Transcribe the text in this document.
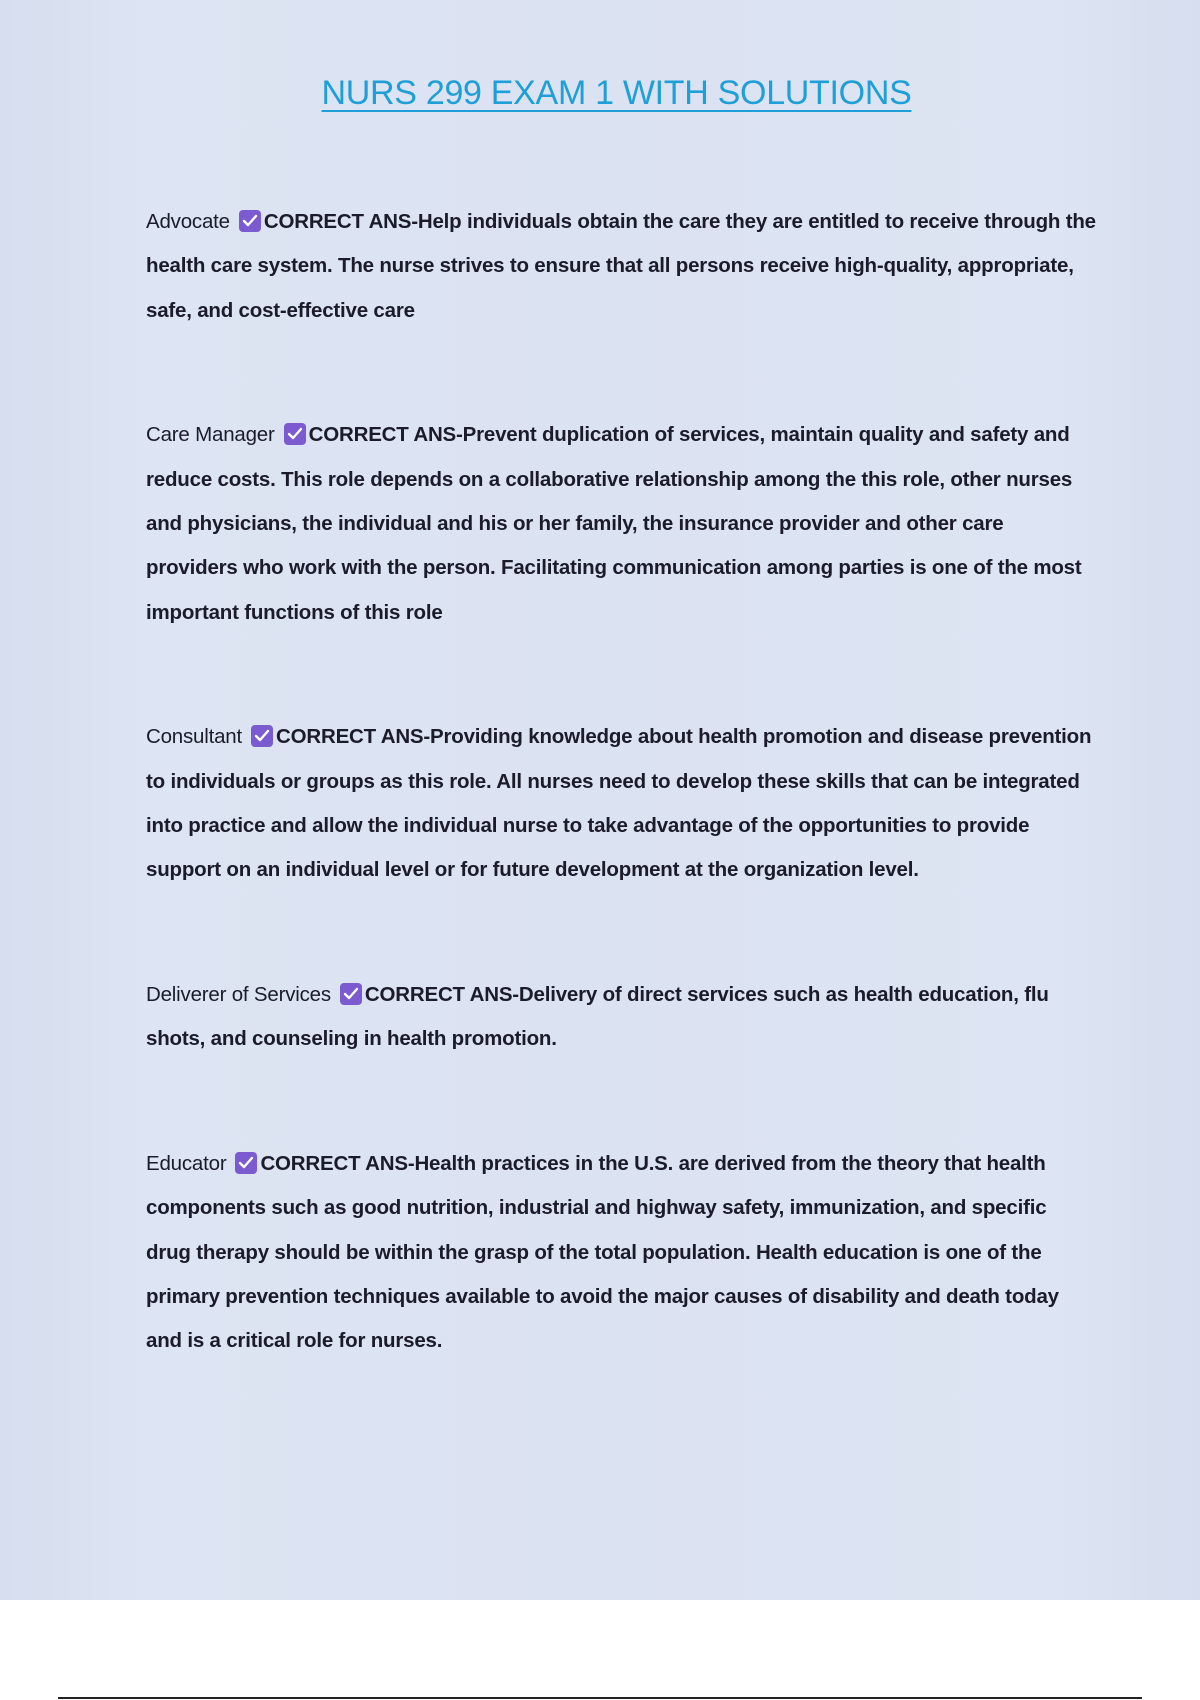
NURS 299 EXAM 1 WITH SOLUTIONS

Advocate CORRECT ANS-Help individuals obtain the care they are entitled to receive through the health care system. The nurse strives to ensure that all persons receive high-quality, appropriate, safe, and cost-effective care

Care Manager CORRECT ANS-Prevent duplication of services, maintain quality and safety and reduce costs. This role depends on a collaborative relationship among the this role, other nurses and physicians, the individual and his or her family, the insurance provider and other care providers who work with the person. Facilitating communication among parties is one of the most important functions of this role

Consultant CORRECT ANS-Providing knowledge about health promotion and disease prevention to individuals or groups as this role. All nurses need to develop these skills that can be integrated into practice and allow the individual nurse to take advantage of the opportunities to provide support on an individual level or for future development at the organization level.

Deliverer of Services CORRECT ANS-Delivery of direct services such as health education, flu shots, and counseling in health promotion.

Educator CORRECT ANS-Health practices in the U.S. are derived from the theory that health components such as good nutrition, industrial and highway safety, immunization, and specific drug therapy should be within the grasp of the total population. Health education is one of the primary prevention techniques available to avoid the major causes of disability and death today and is a critical role for nurses.
